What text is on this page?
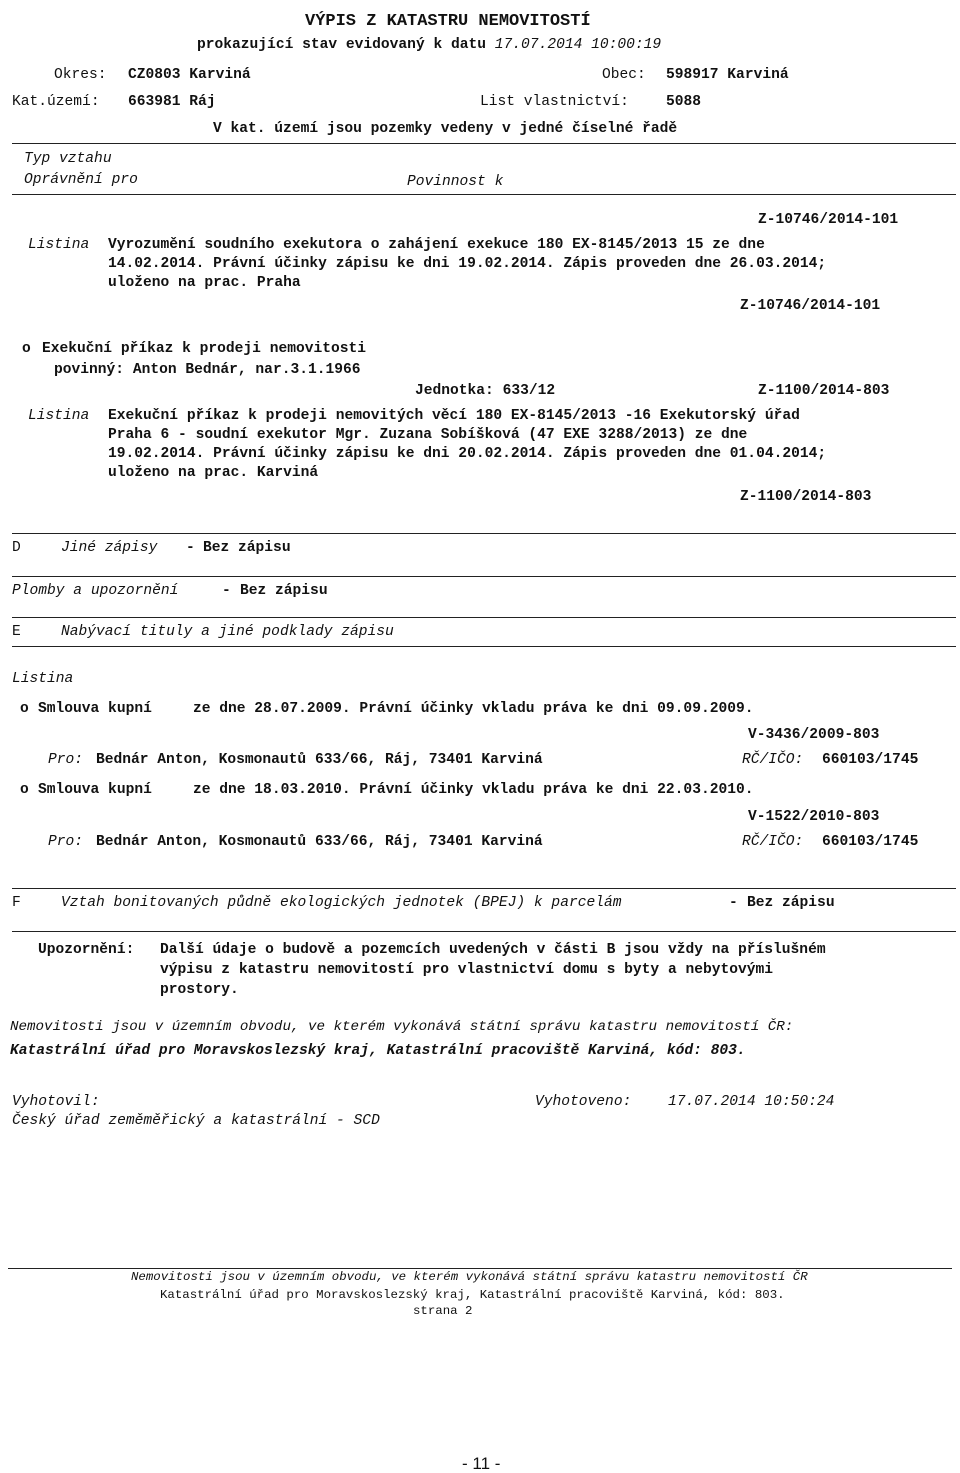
VÝPIS Z KATASTRU NEMOVITOSTÍ
prokazující stav evidovaný k datu 17.07.2014 10:00:19
Okres: CZ0803 Karviná	Obec: 598917 Karviná
Kat.území: 663981 Ráj	List vlastnictví:	5088
V kat. území jsou pozemky vedeny v jedné číselné řadě
Typ vztahu
Oprávnění pro	Povinnost k
Z-10746/2014-101
Listina Vyrozumění soudního exekutora o zahájení exekuce 180 EX-8145/2013 15 ze dne
14.02.2014. Právní účinky zápisu ke dni 19.02.2014. Zápis proveden dne 26.03.2014;
uloženo na prac. Praha
Z-10746/2014-101
o Exekuční příkaz k prodeji nemovitosti
povinný: Anton Bednár, nar.3.1.1966
Jednotka: 633/12	Z-1100/2014-803
Listina Exekuční příkaz k prodeji nemovitých věcí 180 EX-8145/2013 -16 Exekutorský úřad
Praha 6 - soudní exekutor Mgr. Zuzana Sobíšková (47 EXE 3288/2013) ze dne
19.02.2014. Právní účinky zápisu ke dni 20.02.2014. Zápis proveden dne 01.04.2014;
uloženo na prac. Karviná
Z-1100/2014-803
D	Jiné zápisy - Bez zápisu
Plomby a upozornění	- Bez zápisu
E	Nabývací tituly a jiné podklady zápisu
Listina
o Smlouva kupní	ze dne 28.07.2009. Právní účinky vkladu práva ke dni 09.09.2009.
V-3436/2009-803
Pro: Bednár Anton, Kosmonautů 633/66, Ráj, 73401 Karviná	RČ/IČO: 660103/1745
o Smlouva kupní	ze dne 18.03.2010. Právní účinky vkladu práva ke dni 22.03.2010.
V-1522/2010-803
Pro: Bednár Anton, Kosmonautů 633/66, Ráj, 73401 Karviná	RČ/IČO: 660103/1745
F	Vztah bonitovaných půdně ekologických jednotek (BPEJ) k parcelám	- Bez zápisu
Upozornění: Další údaje o budově a pozemcích uvedených v části B jsou vždy na příslušném
výpisu z katastru nemovitostí pro vlastnictví domu s byty a nebytovými
prostory.
Nemovitosti jsou v územním obvodu, ve kterém vykonává státní správu katastru nemovitostí ČR:
Katastrální úřad pro Moravskoslezský kraj, Katastrální pracoviště Karviná, kód: 803.
Vyhotovil:
Český úřad zeměměřický a katastrální - SCD
Vyhotoveno:	17.07.2014 10:50:24
Nemovitosti jsou v územním obvodu, ve kterém vykonává státní správu katastru nemovitostí ČR
Katastrální úřad pro Moravskoslezský kraj, Katastrální pracoviště Karviná, kód: 803.
strana 2
- 11 -
